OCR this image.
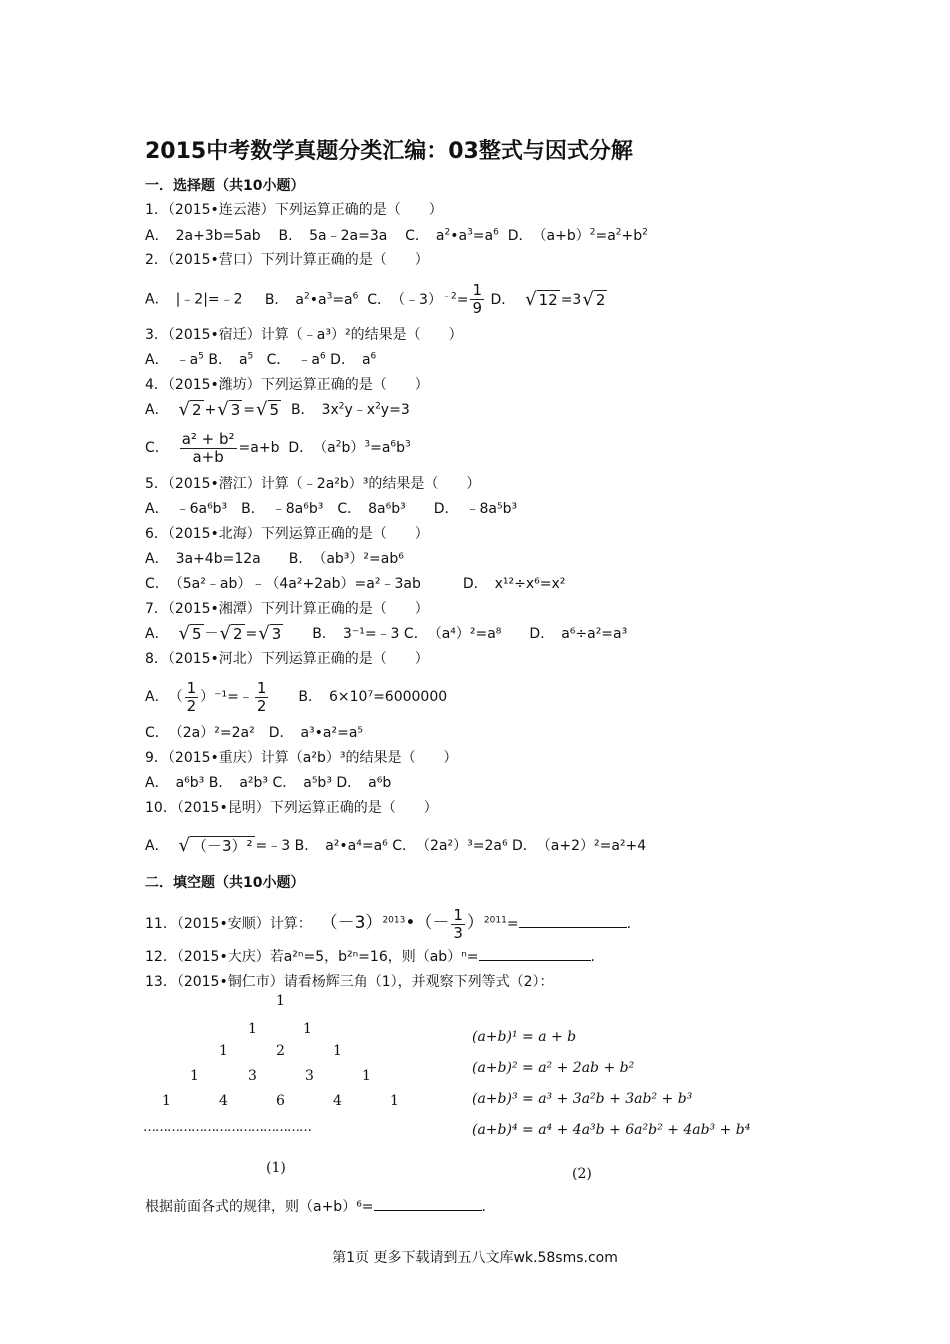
2015中考数学真题分类汇编：03整式与因式分解
一．选择题（共10小题）
1．（2015•连云港）下列运算正确的是（　　）
A．　2a+3b=5ab B．　5a﹣2a=3a C．　$a^2•a^3=a^6$ D．　$(a+b)^2=a^2+b^2$
2．（2015•营口）下列计算正确的是（　　）
A．　|﹣2|=﹣2 B．　$a^2•a^3=a^6$ C．　（﹣3）$^{﹣2}$= $\frac{1}{9}$ D． √ 12 =3 √ 2
3．（2015•宿迁）计算（﹣a³）²的结果是（　　）
A．　$﹣a^5$ B．　$a^5$ C．　$﹣a^6$ D．　$a^6$
4．（2015•潍坊）下列运算正确的是（　　）
A． √ 2 + √ 3 = √ 5 B．　$3x^2y﹣x^2y=3$
C． $\frac{\text{a² + b²}}{a+b} =a+b$ D．　$(a^2b)^3=a^6b^3$
5．（2015•潜江）计算（﹣2a²b）³的结果是（　　）
A．　﹣6a⁶b³　B．　﹣8a⁶b³　C．　8a⁶b³　　D．　﹣8a⁵b³
6．（2015•北海）下列运算正确的是（　　）
A．　3a+4b=12a　　B．　（ab³）²=ab⁶
C．　（5a²﹣ab）﹣（4a²+2ab）=a²﹣3ab　　　D．　x¹²÷x⁶=x²
7．（2015•湘潭）下列计算正确的是（　　）
A． √ 5 － √ 2 = √ 3 　　B．　3⁻¹=﹣3 C．　（a⁴）²=a⁸　　D．　a⁶÷a²=a³
8．（2015•河北）下列运算正确的是（　　）
A．　（ $\frac{1}{2}$ ）⁻¹=﹣ $\frac{1}{2}$ 　　B．　6×10⁷=6000000
C．　（2a）²=2a²　D．　a³•a²=a⁵
9．（2015•重庆）计算（a²b）³的结果是（　　）
A．　a⁶b³ B．　a²b³ C．　a⁵b³ D．　a⁶b
10．（2015•昆明）下列运算正确的是（　　）
A． √ （－3）² =﹣3 B．　a²•a⁴=a⁶ C．　（2a²）³=2a⁶ D．　（a+2）²=a²+4
二．填空题（共10小题）
11．（2015•安顺）计算： $(-3)^{2013}•(- \frac{1}{3} )^{2011}=$	.
12．（2015•大庆）若a²ⁿ=5，b²ⁿ=16，则（ab）ⁿ=	.
13．（2015•铜仁市）请看杨辉三角（1），并观察下列等式（2）：
1
1	1
1	2	1
1	3	3	1
1	4	6	4	1
……………………………………
(1)
(a+b)¹ = a + b
(a+b)² = a² + 2ab + b²
(a+b)³ = a³ + 3a²b + 3ab² + b³
(a+b)⁴ = a⁴ + 4a³b + 6a²b² + 4ab³ + b⁴
(2)
根据前面各式的规律，则（a+b）⁶=	.
第1页 更多下载请到五八文库wk.58sms.com
